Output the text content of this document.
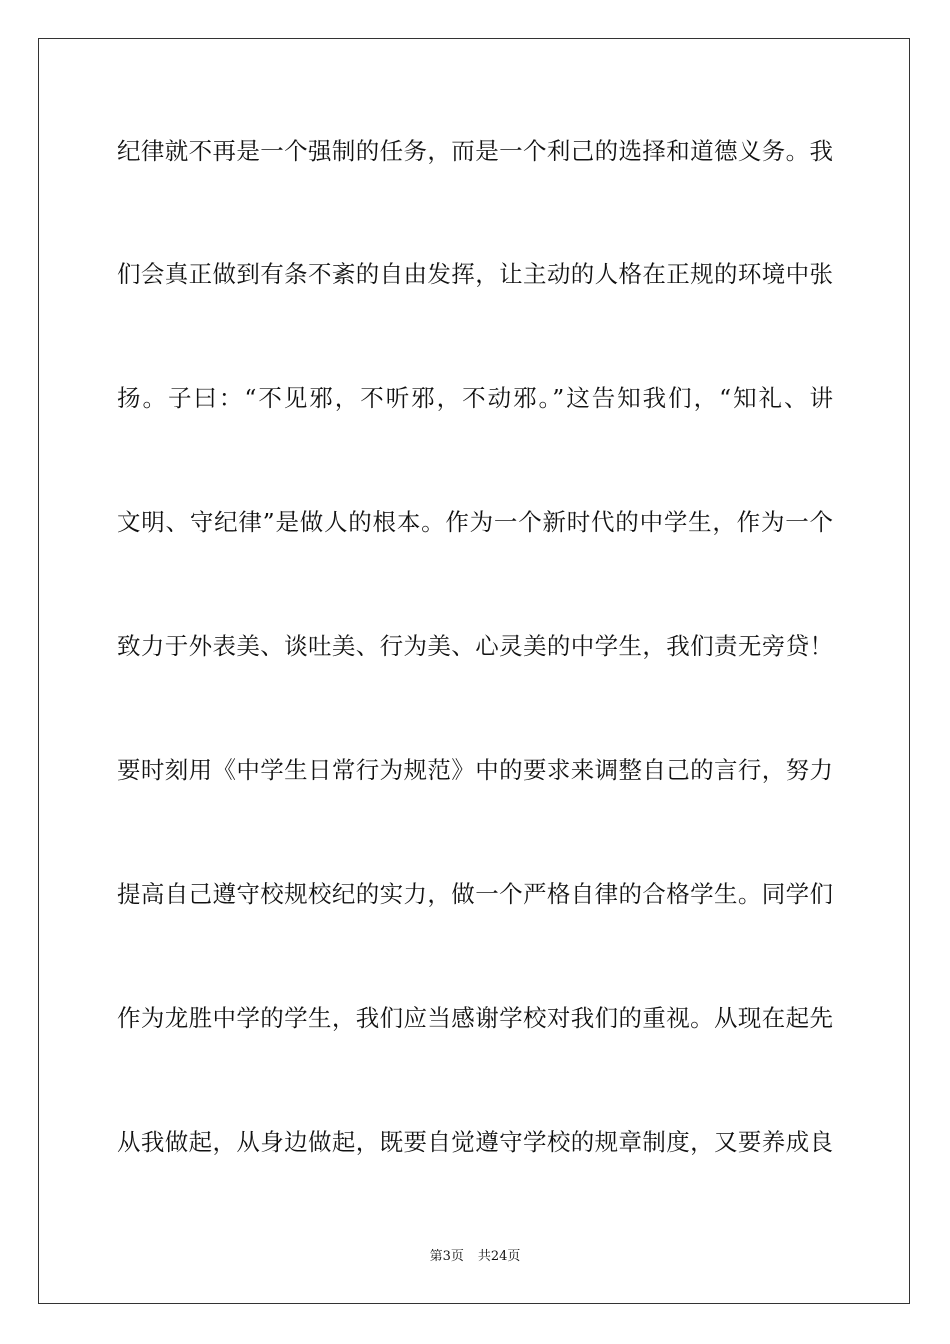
纪律就不再是一个强制的任务，而是一个利己的选择和道德义务。我
们会真正做到有条不紊的自由发挥，让主动的人格在正规的环境中张
扬。子曰：“不见邪，不听邪，不动邪。”这告知我们，“知礼、讲
文明、守纪律”是做人的根本。作为一个新时代的中学生，作为一个
致力于外表美、谈吐美、行为美、心灵美的中学生，我们责无旁贷！
要时刻用《中学生日常行为规范》中的要求来调整自己的言行，努力
提高自己遵守校规校纪的实力，做一个严格自律的合格学生。同学们
作为龙胜中学的学生，我们应当感谢学校对我们的重视。从现在起先
从我做起，从身边做起，既要自觉遵守学校的规章制度，又要养成良
第3页 共24页
